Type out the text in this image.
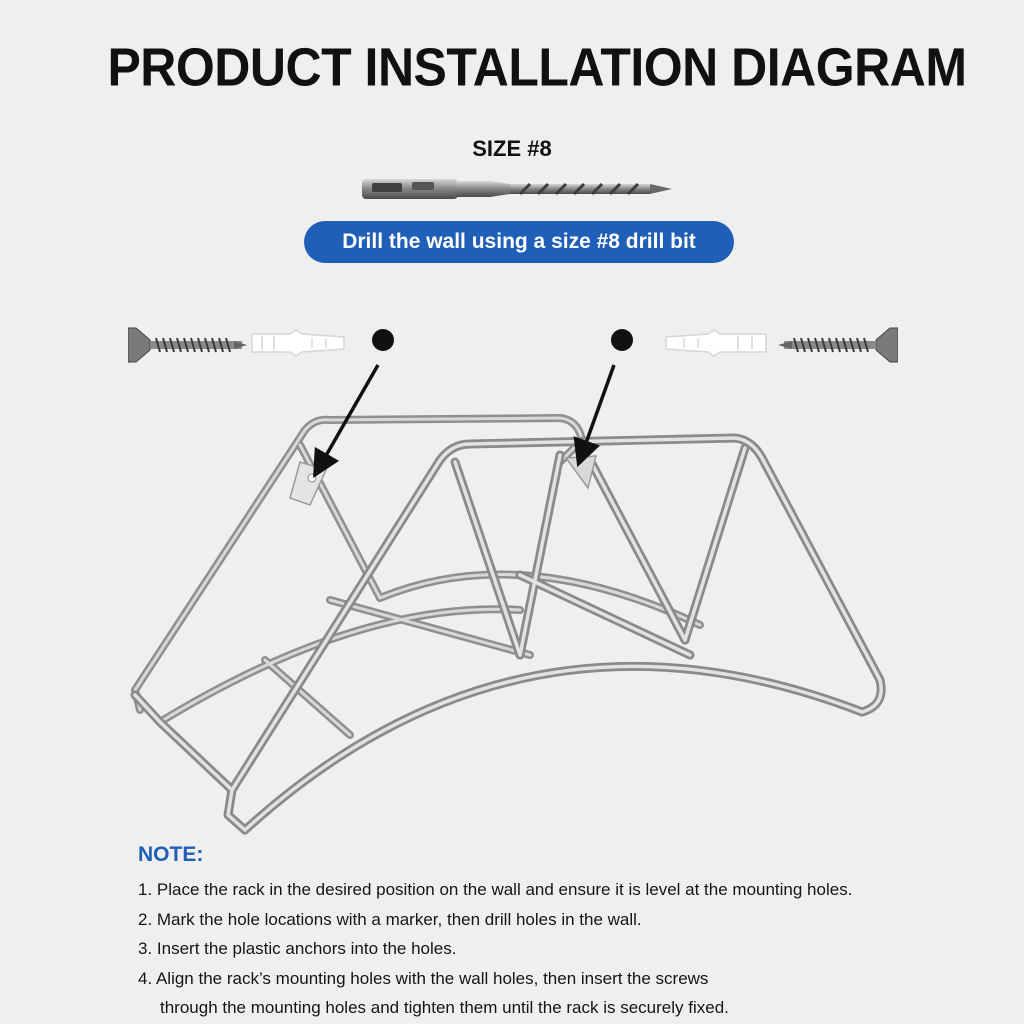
PRODUCT INSTALLATION DIAGRAM
SIZE #8
Drill the wall using a size #8 drill bit
NOTE:
1. Place the rack in the desired position on the wall and ensure it is level at the mounting holes.
2. Mark the hole locations with a marker, then drill holes in the wall.
3. Insert the plastic anchors into the holes.
4. Align the rack’s mounting holes with the wall holes, then insert the screws
through the mounting holes and tighten them until the rack is securely fixed.
